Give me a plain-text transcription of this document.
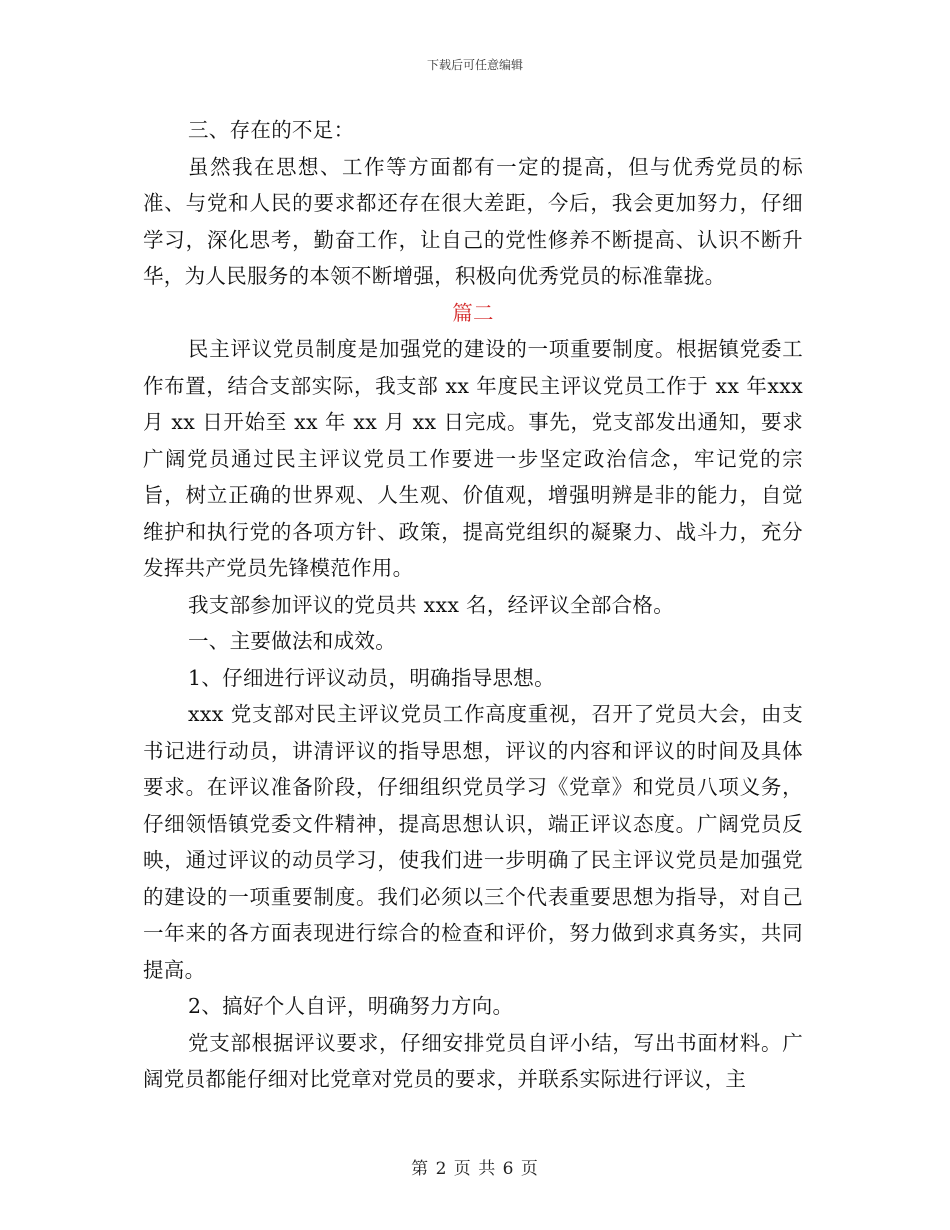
下载后可任意编辑

三、存在的不足：

虽然我在思想、工作等方面都有一定的提高，但与优秀党员的标准、与党和人民的要求都还存在很大差距，今后，我会更加努力，仔细学习，深化思考，勤奋工作，让自己的党性修养不断提高、认识不断升华，为人民服务的本领不断增强，积极向优秀党员的标准靠拢。

篇二

民主评议党员制度是加强党的建设的一项重要制度。根据镇党委工作布置，结合支部实际，我支部 xx 年度民主评议党员工作于 xx 年xxx 月 xx 日开始至 xx 年 xx 月 xx 日完成。事先，党支部发出通知，要求广阔党员通过民主评议党员工作要进一步坚定政治信念，牢记党的宗旨，树立正确的世界观、人生观、价值观，增强明辨是非的能力，自觉维护和执行党的各项方针、政策，提高党组织的凝聚力、战斗力，充分发挥共产党员先锋模范作用。

我支部参加评议的党员共 xxx 名，经评议全部合格。

一、主要做法和成效。

1、仔细进行评议动员，明确指导思想。

xxx 党支部对民主评议党员工作高度重视，召开了党员大会，由支书记进行动员，讲清评议的指导思想，评议的内容和评议的时间及具体要求。在评议准备阶段，仔细组织党员学习《党章》和党员八项义务，仔细领悟镇党委文件精神，提高思想认识，端正评议态度。广阔党员反映，通过评议的动员学习，使我们进一步明确了民主评议党员是加强党的建设的一项重要制度。我们必须以三个代表重要思想为指导，对自己一年来的各方面表现进行综合的检查和评价，努力做到求真务实，共同提高。

2、搞好个人自评，明确努力方向。

党支部根据评议要求，仔细安排党员自评小结，写出书面材料。广阔党员都能仔细对比党章对党员的要求，并联系实际进行评议，主

第 2 页 共 6 页
